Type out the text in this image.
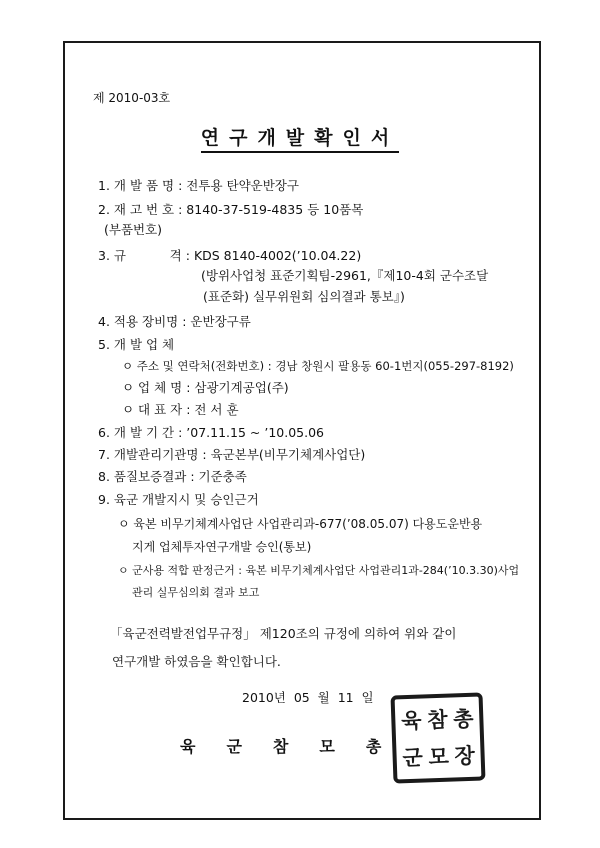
제 2010-03호
연구개발확인서
1. 개 발 품 명 : 전투용 탄약운반장구
2. 재 고 번 호 : 8140-37-519-4835 등 10품목
(부품번호)
3. 규           격 : KDS 8140-4002(’10.04.22)
(방위사업청 표준기획팀-2961,『제10-4회 군수조달
(표준화) 실무위원회 심의결과 통보』)
4. 적용 장비명 : 운반장구류
5. 개 발 업 체
ㅇ 주소 및 연락처(전화번호) : 경남 창원시 팔용동 60-1번지(055-297-8192)
ㅇ 업 체 명 : 삼광기계공업(주)
ㅇ 대 표 자 : 전 서 훈
6. 개 발 기 간 : ’07.11.15 ~ ’10.05.06
7. 개발관리기관명 : 육군본부(비무기체계사업단)
8. 품질보증결과 : 기준충족
9. 육군 개발지시 및 승인근거
ㅇ 육본 비무기체계사업단 사업관리과-677(’08.05.07) 다용도운반용
지게 업체투자연구개발 승인(통보)
ㅇ 군사용 적합 판정근거 : 육본 비무기체계사업단 사업관리1과-284(’10.3.30)사업
관리 실무심의회 결과 보고
「육군전력발전업무규정」 제120조의 규정에 의하여 위와 같이
연구개발 하였음을 확인합니다.
2010년  05  월  11  일
육군참모총
육 참 총
군 모 장
